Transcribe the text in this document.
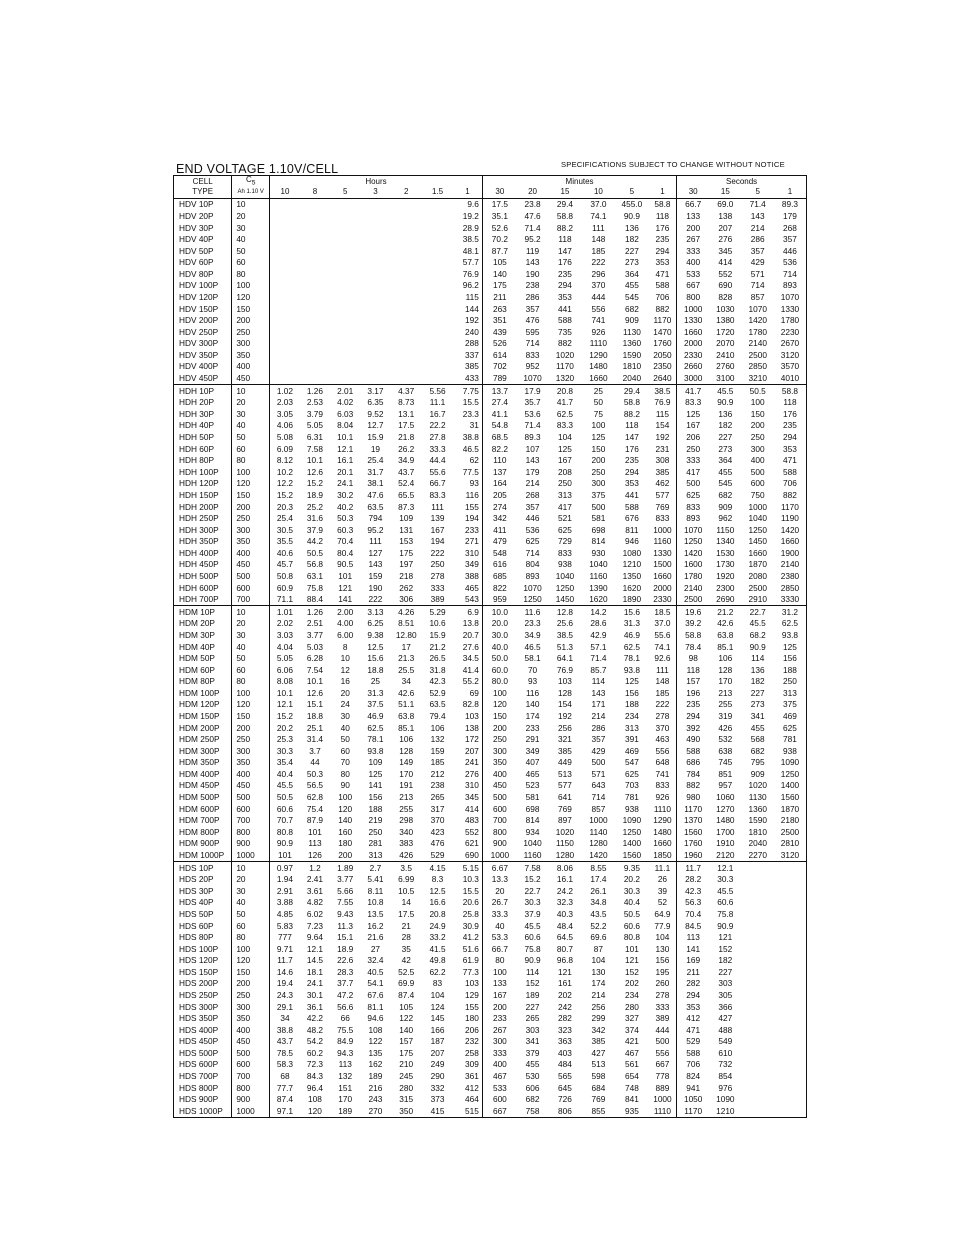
END VOLTAGE 1.10V/CELL	SPECIFICATIONS SUBJECT TO CHANGE WITHOUT NOTICE
CELL	$C_5$	Hours							Minutes						Seconds			
TYPE	Ah 1.10 V	10	8	5	3	2	1.5	1	30	20	15	10	5	1	30	15	5	1
HDV 10P	10							9.6	17.5	23.8	29.4	37.0	455.0	58.8	66.7	69.0	71.4	89.3
HDV 20P	20							19.2	35.1	47.6	58.8	74.1	90.9	118	133	138	143	179
HDV 30P	30							28.9	52.6	71.4	88.2	111	136	176	200	207	214	268
HDV 40P	40							38.5	70.2	95.2	118	148	182	235	267	276	286	357
HDV 50P	50							48.1	87.7	119	147	185	227	294	333	345	357	446
HDV 60P	60							57.7	105	143	176	222	273	353	400	414	429	536
HDV 80P	80							76.9	140	190	235	296	364	471	533	552	571	714
HDV 100P	100							96.2	175	238	294	370	455	588	667	690	714	893
HDV 120P	120							115	211	286	353	444	545	706	800	828	857	1070
HDV 150P	150							144	263	357	441	556	682	882	1000	1030	1070	1330
HDV 200P	200							192	351	476	588	741	909	1170	1330	1380	1420	1780
HDV 250P	250							240	439	595	735	926	1130	1470	1660	1720	1780	2230
HDV 300P	300							288	526	714	882	1110	1360	1760	2000	2070	2140	2670
HDV 350P	350							337	614	833	1020	1290	1590	2050	2330	2410	2500	3120
HDV 400P	400							385	702	952	1170	1480	1810	2350	2660	2760	2850	3570
HDV 450P	450							433	789	1070	1320	1660	2040	2640	3000	3100	3210	4010
HDH 10P	10	1.02	1.26	2.01	3.17	4.37	5.56	7.75	13.7	17.9	20.8	25	29.4	38.5	41.7	45.5	50.5	58.8
HDH 20P	20	2.03	2.53	4.02	6.35	8.73	11.1	15.5	27.4	35.7	41.7	50	58.8	76.9	83.3	90.9	100	118
HDH 30P	30	3.05	3.79	6.03	9.52	13.1	16.7	23.3	41.1	53.6	62.5	75	88.2	115	125	136	150	176
HDH 40P	40	4.06	5.05	8.04	12.7	17.5	22.2	31	54.8	71.4	83.3	100	118	154	167	182	200	235
HDH 50P	50	5.08	6.31	10.1	15.9	21.8	27.8	38.8	68.5	89.3	104	125	147	192	206	227	250	294
HDH 60P	60	6.09	7.58	12.1	19	26.2	33.3	46.5	82.2	107	125	150	176	231	250	273	300	353
HDH 80P	80	8.12	10.1	16.1	25.4	34.9	44.4	62	110	143	167	200	235	308	333	364	400	471
HDH 100P	100	10.2	12.6	20.1	31.7	43.7	55.6	77.5	137	179	208	250	294	385	417	455	500	588
HDH 120P	120	12.2	15.2	24.1	38.1	52.4	66.7	93	164	214	250	300	353	462	500	545	600	706
HDH 150P	150	15.2	18.9	30.2	47.6	65.5	83.3	116	205	268	313	375	441	577	625	682	750	882
HDH 200P	200	20.3	25.2	40.2	63.5	87.3	111	155	274	357	417	500	588	769	833	909	1000	1170
HDH 250P	250	25.4	31.6	50.3	794	109	139	194	342	446	521	581	676	833	893	962	1040	1190
HDH 300P	300	30.5	37.9	60.3	95.2	131	167	233	411	536	625	698	811	1000	1070	1150	1250	1420
HDH 350P	350	35.5	44.2	70.4	111	153	194	271	479	625	729	814	946	1160	1250	1340	1450	1660
HDH 400P	400	40.6	50.5	80.4	127	175	222	310	548	714	833	930	1080	1330	1420	1530	1660	1900
HDH 450P	450	45.7	56.8	90.5	143	197	250	349	616	804	938	1040	1210	1500	1600	1730	1870	2140
HDH 500P	500	50.8	63.1	101	159	218	278	388	685	893	1040	1160	1350	1660	1780	1920	2080	2380
HDH 600P	600	60.9	75.8	121	190	262	333	465	822	1070	1250	1390	1620	2000	2140	2300	2500	2850
HDH 700P	700	71.1	88.4	141	222	306	389	543	959	1250	1450	1620	1890	2330	2500	2690	2910	3330
HDM 10P	10	1.01	1.26	2.00	3.13	4.26	5.29	6.9	10.0	11.6	12.8	14.2	15.6	18.5	19.6	21.2	22.7	31.2
HDM 20P	20	2.02	2.51	4.00	6.25	8.51	10.6	13.8	20.0	23.3	25.6	28.6	31.3	37.0	39.2	42.6	45.5	62.5
HDM 30P	30	3.03	3.77	6.00	9.38	12.80	15.9	20.7	30.0	34.9	38.5	42.9	46.9	55.6	58.8	63.8	68.2	93.8
HDM 40P	40	4.04	5.03	8	12.5	17	21.2	27.6	40.0	46.5	51.3	57.1	62.5	74.1	78.4	85.1	90.9	125
HDM 50P	50	5.05	6.28	10	15.6	21.3	26.5	34.5	50.0	58.1	64.1	71.4	78.1	92.6	98	106	114	156
HDM 60P	60	6.06	7.54	12	18.8	25.5	31.8	41.4	60.0	70	76.9	85.7	93.8	111	118	128	136	188
HDM 80P	80	8.08	10.1	16	25	34	42.3	55.2	80.0	93	103	114	125	148	157	170	182	250
HDM 100P	100	10.1	12.6	20	31.3	42.6	52.9	69	100	116	128	143	156	185	196	213	227	313
HDM 120P	120	12.1	15.1	24	37.5	51.1	63.5	82.8	120	140	154	171	188	222	235	255	273	375
HDM 150P	150	15.2	18.8	30	46.9	63.8	79.4	103	150	174	192	214	234	278	294	319	341	469
HDM 200P	200	20.2	25.1	40	62.5	85.1	106	138	200	233	256	286	313	370	392	426	455	625
HDM 250P	250	25.3	31.4	50	78.1	106	132	172	250	291	321	357	391	463	490	532	568	781
HDM 300P	300	30.3	3.7	60	93.8	128	159	207	300	349	385	429	469	556	588	638	682	938
HDM 350P	350	35.4	44	70	109	149	185	241	350	407	449	500	547	648	686	745	795	1090
HDM 400P	400	40.4	50.3	80	125	170	212	276	400	465	513	571	625	741	784	851	909	1250
HDM 450P	450	45.5	56.5	90	141	191	238	310	450	523	577	643	703	833	882	957	1020	1400
HDM 500P	500	50.5	62.8	100	156	213	265	345	500	581	641	714	781	926	980	1060	1130	1560
HDM 600P	600	60.6	75.4	120	188	255	317	414	600	698	769	857	938	1110	1170	1270	1360	1870
HDM 700P	700	70.7	87.9	140	219	298	370	483	700	814	897	1000	1090	1290	1370	1480	1590	2180
HDM 800P	800	80.8	101	160	250	340	423	552	800	934	1020	1140	1250	1480	1560	1700	1810	2500
HDM 900P	900	90.9	113	180	281	383	476	621	900	1040	1150	1280	1400	1660	1760	1910	2040	2810
HDM 1000P	1000	101	126	200	313	426	529	690	1000	1160	1280	1420	1560	1850	1960	2120	2270	3120
HDS 10P	10	0.97	1.2	1.89	2.7	3.5	4.15	5.15	6.67	7.58	8.06	8.55	9.35	11.1	11.7	12.1		
HDS 20P	20	1.94	2.41	3.77	5.41	6.99	8.3	10.3	13.3	15.2	16.1	17.4	20.2	26	28.2	30.3		
HDS 30P	30	2.91	3.61	5.66	8.11	10.5	12.5	15.5	20	22.7	24.2	26.1	30.3	39	42.3	45.5		
HDS 40P	40	3.88	4.82	7.55	10.8	14	16.6	20.6	26.7	30.3	32.3	34.8	40.4	52	56.3	60.6		
HDS 50P	50	4.85	6.02	9.43	13.5	17.5	20.8	25.8	33.3	37.9	40.3	43.5	50.5	64.9	70.4	75.8		
HDS 60P	60	5.83	7.23	11.3	16.2	21	24.9	30.9	40	45.5	48.4	52.2	60.6	77.9	84.5	90.9		
HDS 80P	80	777	9.64	15.1	21.6	28	33.2	41.2	53.3	60.6	64.5	69.6	80.8	104	113	121		
HDS 100P	100	9.71	12.1	18.9	27	35	41.5	51.6	66.7	75.8	80.7	87	101	130	141	152		
HDS 120P	120	11.7	14.5	22.6	32.4	42	49.8	61.9	80	90.9	96.8	104	121	156	169	182		
HDS 150P	150	14.6	18.1	28.3	40.5	52.5	62.2	77.3	100	114	121	130	152	195	211	227		
HDS 200P	200	19.4	24.1	37.7	54.1	69.9	83	103	133	152	161	174	202	260	282	303		
HDS 250P	250	24.3	30.1	47.2	67.6	87.4	104	129	167	189	202	214	234	278	294	305		
HDS 300P	300	29.1	36.1	56.6	81.1	105	124	155	200	227	242	256	280	333	353	366		
HDS 350P	350	34	42.2	66	94.6	122	145	180	233	265	282	299	327	389	412	427		
HDS 400P	400	38.8	48.2	75.5	108	140	166	206	267	303	323	342	374	444	471	488		
HDS 450P	450	43.7	54.2	84.9	122	157	187	232	300	341	363	385	421	500	529	549		
HDS 500P	500	78.5	60.2	94.3	135	175	207	258	333	379	403	427	467	556	588	610		
HDS 600P	600	58.3	72.3	113	162	210	249	309	400	455	484	513	561	667	706	732		
HDS 700P	700	68	84.3	132	189	245	290	361	467	530	565	598	654	778	824	854		
HDS 800P	800	77.7	96.4	151	216	280	332	412	533	606	645	684	748	889	941	976		
HDS 900P	900	87.4	108	170	243	315	373	464	600	682	726	769	841	1000	1050	1090		
HDS 1000P	1000	97.1	120	189	270	350	415	515	667	758	806	855	935	1110	1170	1210		
